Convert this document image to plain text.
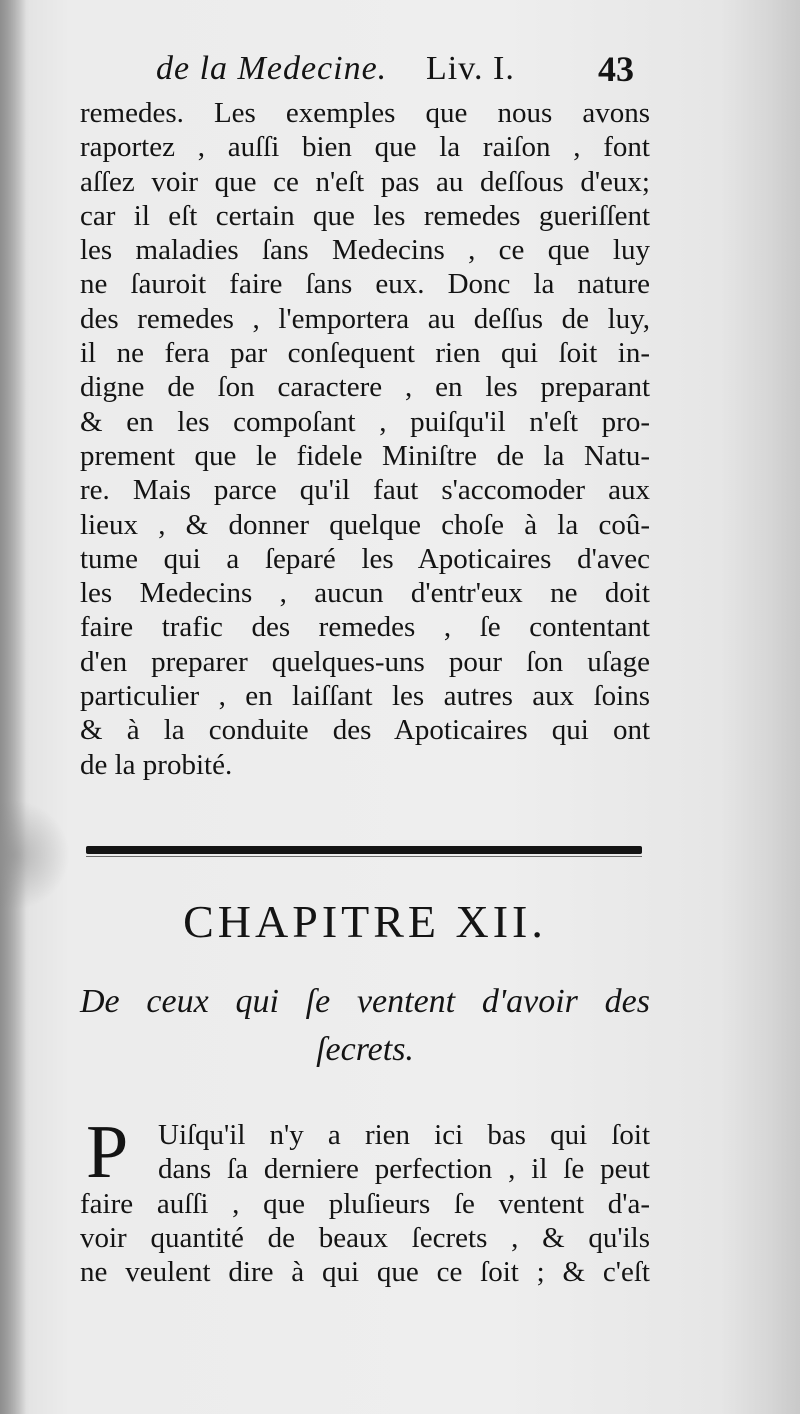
de la Medecine. Liv. I. 43
remedes. Les exemples que nous avons
raportez , auſſi bien que la raiſon , font
aſſez voir que ce n'eſt pas au deſſous d'eux;
car il eſt certain que les remedes gueriſſent
les maladies ſans Medecins , ce que luy
ne ſauroit faire ſans eux. Donc la nature
des remedes , l'emportera au deſſus de luy,
il ne fera par conſequent rien qui ſoit in-
digne de ſon caractere , en les preparant
& en les compoſant , puiſqu'il n'eſt pro-
prement que le fidele Miniſtre de la Natu-
re. Mais parce qu'il faut s'accomoder aux
lieux , & donner quelque choſe à la coû-
tume qui a ſeparé les Apoticaires d'avec
les Medecins , aucun d'entr'eux ne doit
faire trafic des remedes , ſe contentant
d'en preparer quelques-uns pour ſon uſage
particulier , en laiſſant les autres aux ſoins
& à la conduite des Apoticaires qui ont
de la probité.
CHAPITRE XII.
De ceux qui ſe ventent d'avoir des
ſecrets.
P	Uiſqu'il n'y a rien ici bas qui ſoit
dans ſa derniere perfection , il ſe peut
faire auſſi , que pluſieurs ſe ventent d'a-
voir quantité de beaux ſecrets , & qu'ils
ne veulent dire à qui que ce ſoit ; & c'eſt
